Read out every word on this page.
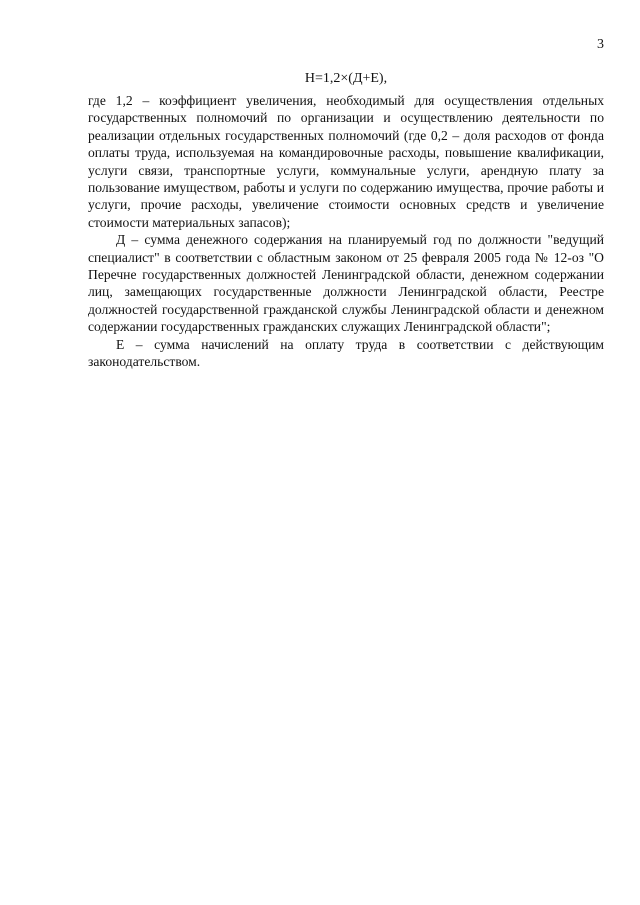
3
Н=1,2×(Д+Е),

где 1,2 – коэффициент увеличения, необходимый для осуществления отдельных государственных полномочий по организации и осуществлению деятельности по реализации отдельных государственных полномочий (где 0,2 – доля расходов от фонда оплаты труда, используемая на командировочные расходы, повышение квалификации, услуги связи, транспортные услуги, коммунальные услуги, арендную плату за пользование имуществом, работы и услуги по содержанию имущества, прочие работы и услуги, прочие расходы, увеличение стоимости основных средств и увеличение стоимости материальных запасов);

Д – сумма денежного содержания на планируемый год по должности "ведущий специалист" в соответствии с областным законом от 25 февраля 2005 года № 12-оз "О Перечне государственных должностей Ленинградской области, денежном содержании лиц, замещающих государственные должности Ленинградской области, Реестре должностей государственной гражданской службы Ленинградской области и денежном содержании государственных гражданских служащих Ленинградской области";

Е – сумма начислений на оплату труда в соответствии с действующим законодательством.
